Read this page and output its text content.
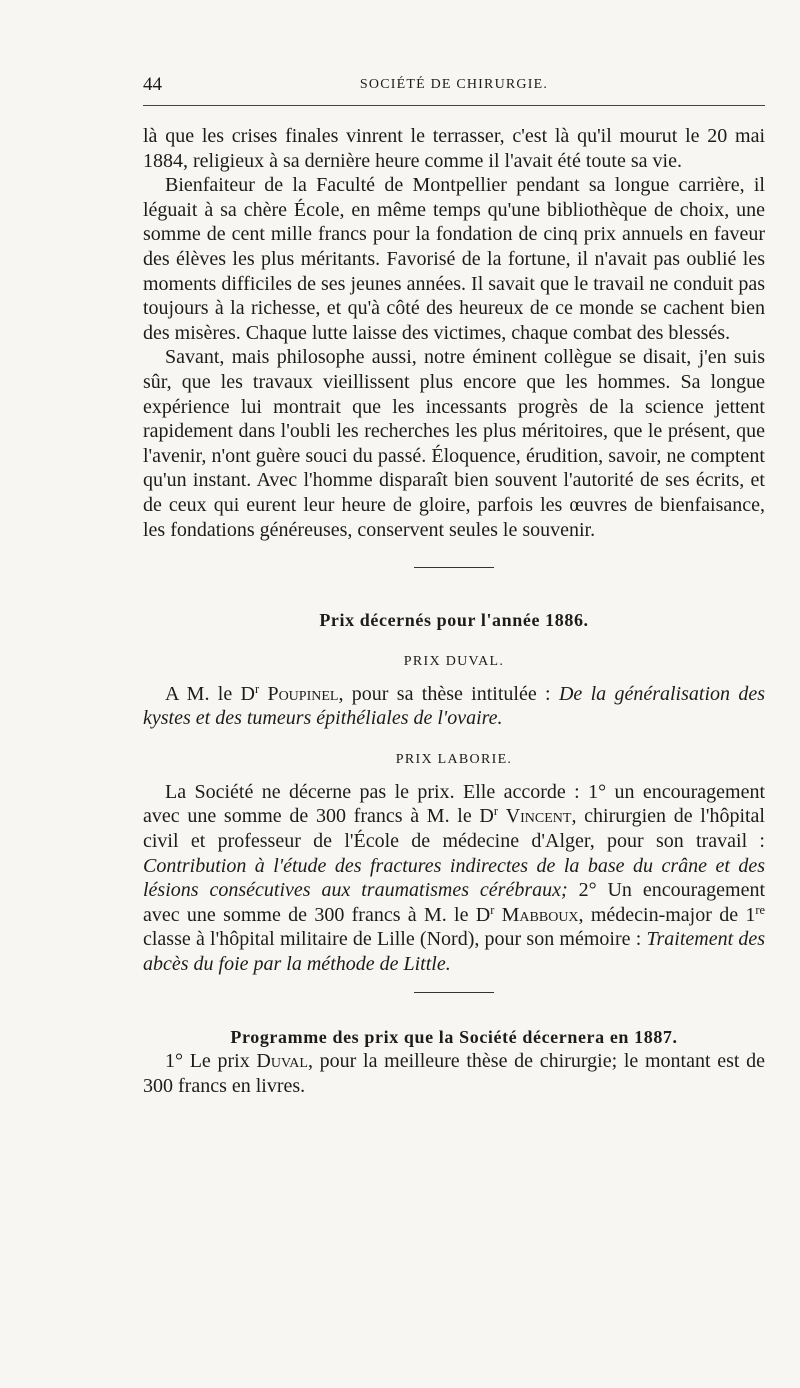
44	SOCIÉTÉ DE CHIRURGIE.

là que les crises finales vinrent le terrasser, c'est là qu'il mourut le 20 mai 1884, religieux à sa dernière heure comme il l'avait été toute sa vie.

Bienfaiteur de la Faculté de Montpellier pendant sa longue carrière, il léguait à sa chère École, en même temps qu'une bibliothèque de choix, une somme de cent mille francs pour la fondation de cinq prix annuels en faveur des élèves les plus méritants. Favorisé de la fortune, il n'avait pas oublié les moments difficiles de ses jeunes années. Il savait que le travail ne conduit pas toujours à la richesse, et qu'à côté des heureux de ce monde se cachent bien des misères. Chaque lutte laisse des victimes, chaque combat des blessés.

Savant, mais philosophe aussi, notre éminent collègue se disait, j'en suis sûr, que les travaux vieillissent plus encore que les hommes. Sa longue expérience lui montrait que les incessants progrès de la science jettent rapidement dans l'oubli les recherches les plus méritoires, que le présent, que l'avenir, n'ont guère souci du passé. Éloquence, érudition, savoir, ne comptent qu'un instant. Avec l'homme disparaît bien souvent l'autorité de ses écrits, et de ceux qui eurent leur heure de gloire, parfois les œuvres de bienfaisance, les fondations généreuses, conservent seules le souvenir.

Prix décernés pour l'année 1886.
PRIX DUVAL.

A M. le $D^r$ Poupinel, pour sa thèse intitulée : De la généralisation des kystes et des tumeurs épithéliales de l'ovaire.

PRIX LABORIE.

La Société ne décerne pas le prix. Elle accorde : 1° un encouragement avec une somme de 300 francs à M. le $D^r$ Vincent, chirurgien de l'hôpital civil et professeur de l'École de médecine d'Alger, pour son travail : Contribution à l'étude des fractures indirectes de la base du crâne et des lésions consécutives aux traumatismes cérébraux; 2° Un encouragement avec une somme de 300 francs à M. le $D^r$ Mabboux, médecin-major de 1re classe à l'hôpital militaire de Lille (Nord), pour son mémoire : Traitement des abcès du foie par la méthode de Little.

Programme des prix que la Société décernera en 1887.

1° Le prix Duval, pour la meilleure thèse de chirurgie; le montant est de 300 francs en livres.
